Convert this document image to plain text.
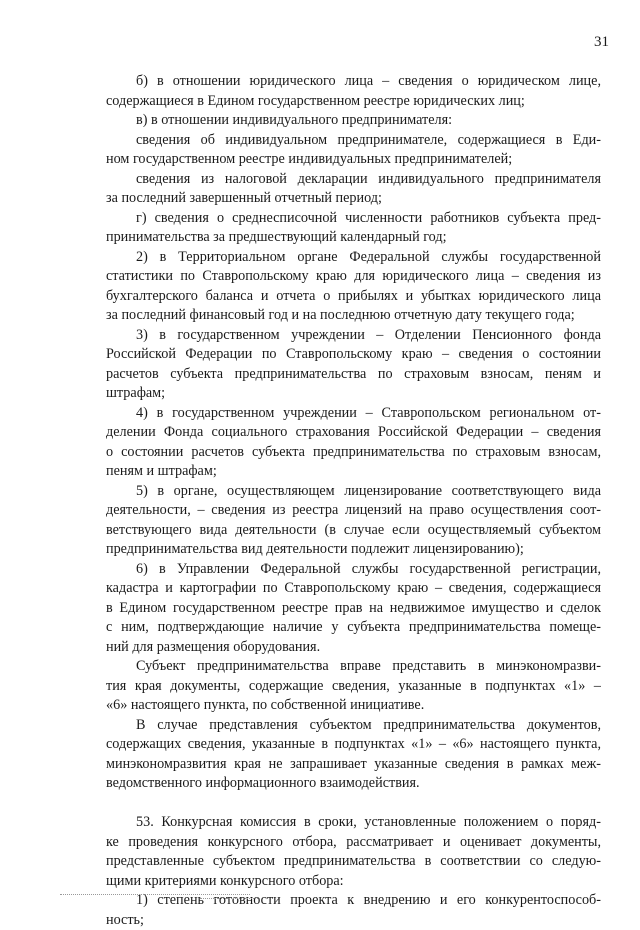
31
б) в отношении юридического лица – сведения о юридическом лице,
содержащиеся в Едином государственном реестре юридических лиц;
в) в отношении индивидуального предпринимателя:
сведения об индивидуальном предпринимателе, содержащиеся в Еди-
ном государственном реестре индивидуальных предпринимателей;
сведения из налоговой декларации индивидуального предпринимателя
за последний завершенный отчетный период;
г) сведения о среднесписочной численности работников субъекта пред-
принимательства за предшествующий календарный год;
2) в Территориальном органе Федеральной службы государственной
статистики по Ставропольскому краю для юридического лица – сведения из
бухгалтерского баланса и отчета о прибылях и убытках юридического лица
за последний финансовый год и на последнюю отчетную дату текущего года;
3) в государственном учреждении – Отделении Пенсионного фонда
Российской Федерации по Ставропольскому краю – сведения о состоянии
расчетов субъекта предпринимательства по страховым взносам, пеням и
штрафам;
4) в государственном учреждении – Ставропольском региональном от-
делении Фонда социального страхования Российской Федерации – сведения
о состоянии расчетов субъекта предпринимательства по страховым взносам,
пеням и штрафам;
5) в органе, осуществляющем лицензирование соответствующего вида
деятельности, – сведения из реестра лицензий на право осуществления соот-
ветствующего вида деятельности (в случае если осуществляемый субъектом
предпринимательства вид деятельности подлежит лицензированию);
6) в Управлении Федеральной службы государственной регистрации,
кадастра и картографии по Ставропольскому краю – сведения, содержащиеся
в Едином государственном реестре прав на недвижимое имущество и сделок
с ним, подтверждающие наличие у субъекта предпринимательства помеще-
ний для размещения оборудования.
Субъект предпринимательства вправе представить в минэкономразви-
тия края документы, содержащие сведения, указанные в подпунктах «1» –
«6» настоящего пункта, по собственной инициативе.
В случае представления субъектом предпринимательства документов,
содержащих сведения, указанные в подпунктах «1» – «6» настоящего пункта,
минэкономразвития края не запрашивает указанные сведения в рамках меж-
ведомственного информационного взаимодействия.
53. Конкурсная комиссия в сроки, установленные положением о поряд-
ке проведения конкурсного отбора, рассматривает и оценивает документы,
представленные субъектом предпринимательства в соответствии со следую-
щими критериями конкурсного отбора:
1) степень готовности проекта к внедрению и его конкурентоспособ-
ность;
